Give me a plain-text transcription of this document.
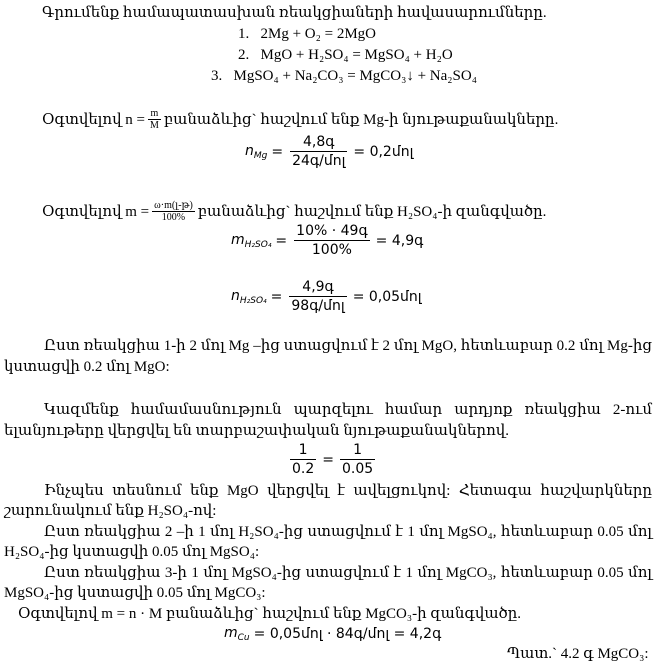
Գրումենք համապատասխան ռեակցիաների հավասարումները.
1. 2Mg + O₂ = 2MgO
2. MgO + H₂SO₄ = MgSO₄ + H₂O
3. MgSO₄ + Na₂CO₃ = MgCO₃↓ + Na₂SO₄
Օգտվելով $n = \frac{m}{M}$ բանաձևից` հաշվում ենք Mg-ի նյութաքանակները.
$n_{Mg} = \frac{\text{4,8գ}}{\text{24գ/մոլ}}$ = 0,2մոլ
Օգտվելով $m = \frac{\text{ω·m(լ-թ)}}{100\%}$ բանաձևից` հաշվում ենք H₂SO₄-ի զանգվածը.
$m_{H_2SO_4} = \frac{\text{10\% · 49գ}}{100\%}$ = 4,9գ
$n_{H_2SO_4} = \frac{\text{4,9գ}}{\text{98գ/մոլ}}$ = 0,05մոլ
Ըստ ռեակցիա 1-ի 2 մոլ Mg –ից ստացվում է 2 մոլ MgO, հետևաբար 0.2 մոլ Mg-ից
կստացվի 0.2 մոլ MgO:
Կազմենք համամասնություն պարզելու համար արդյոք ռեակցիա 2-ում
ելանյութերը վերցվել են տարբաշափական նյութաքանակներով.
$\frac{1}{0.2} = \frac{1}{0.05}$
Ինչպես տեսնում ենք MgO վերցվել է ավելցուկով: Հետագա հաշվարկները
շարունակում ենք H₂SO₄-ով:
Ըստ ռեակցիա 2 –ի 1 մոլ H₂SO₄-ից ստացվում է 1 մոլ MgSO₄, հետևաբար 0.05 մոլ
H₂SO₄-ից կստացվի 0.05 մոլ MgSO₄:
Ըստ ռեակցիա 3-ի 1 մոլ MgSO₄-ից ստացվում է 1 մոլ MgCO₃, հետևաբար 0.05 մոլ
MgSO₄-ից կստացվի 0.05 մոլ MgCO₃:
Օգտվելով m = n · M բանաձևից` հաշվում ենք MgCO₃-ի զանգվածը.
$m_{Cu}$ = 0,05մոլ · 84գ/մոլ = 4,2գ
Պատ.` 4.2 գ MgCO₃:
